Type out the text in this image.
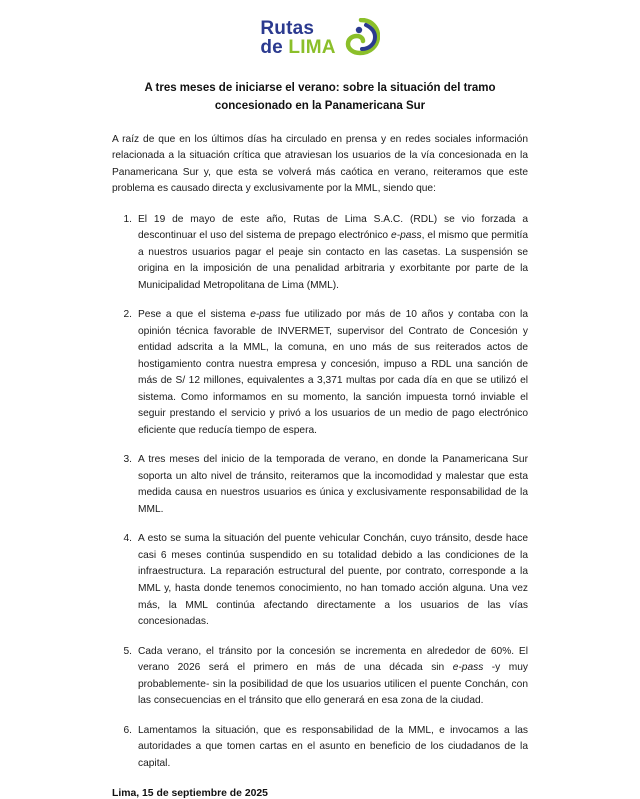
Rutas
de LIMA
A tres meses de iniciarse el verano: sobre la situación del tramo concesionado en la Panamericana Sur

A raíz de que en los últimos días ha circulado en prensa y en redes sociales información relacionada a la situación crítica que atraviesan los usuarios de la vía concesionada en la Panamericana Sur y, que esta se volverá más caótica en verano, reiteramos que este problema es causado directa y exclusivamente por la MML, siendo que:

El 19 de mayo de este año, Rutas de Lima S.A.C. (RDL) se vio forzada a descontinuar el uso del sistema de prepago electrónico e-pass, el mismo que permitía a nuestros usuarios pagar el peaje sin contacto en las casetas. La suspensión se origina en la imposición de una penalidad arbitraria y exorbitante por parte de la Municipalidad Metropolitana de Lima (MML).
Pese a que el sistema e-pass fue utilizado por más de 10 años y contaba con la opinión técnica favorable de INVERMET, supervisor del Contrato de Concesión y entidad adscrita a la MML, la comuna, en uno más de sus reiterados actos de hostigamiento contra nuestra empresa y concesión, impuso a RDL una sanción de más de S/ 12 millones, equivalentes a 3,371 multas por cada día en que se utilizó el sistema. Como informamos en su momento, la sanción impuesta tornó inviable el seguir prestando el servicio y privó a los usuarios de un medio de pago electrónico eficiente que reducía tiempo de espera.
A tres meses del inicio de la temporada de verano, en donde la Panamericana Sur soporta un alto nivel de tránsito, reiteramos que la incomodidad y malestar que esta medida causa en nuestros usuarios es única y exclusivamente responsabilidad de la MML.
A esto se suma la situación del puente vehicular Conchán, cuyo tránsito, desde hace casi 6 meses continúa suspendido en su totalidad debido a las condiciones de la infraestructura. La reparación estructural del puente, por contrato, corresponde a la MML y, hasta donde tenemos conocimiento, no han tomado acción alguna. Una vez más, la MML continúa afectando directamente a los usuarios de las vías concesionadas.
Cada verano, el tránsito por la concesión se incrementa en alrededor de 60%. El verano 2026 será el primero en más de una década sin e-pass -y muy probablemente- sin la posibilidad de que los usuarios utilicen el puente Conchán, con las consecuencias en el tránsito que ello generará en esa zona de la ciudad.
Lamentamos la situación, que es responsabilidad de la MML, e invocamos a las autoridades a que tomen cartas en el asunto en beneficio de los ciudadanos de la capital.
Lima, 15 de septiembre de 2025
